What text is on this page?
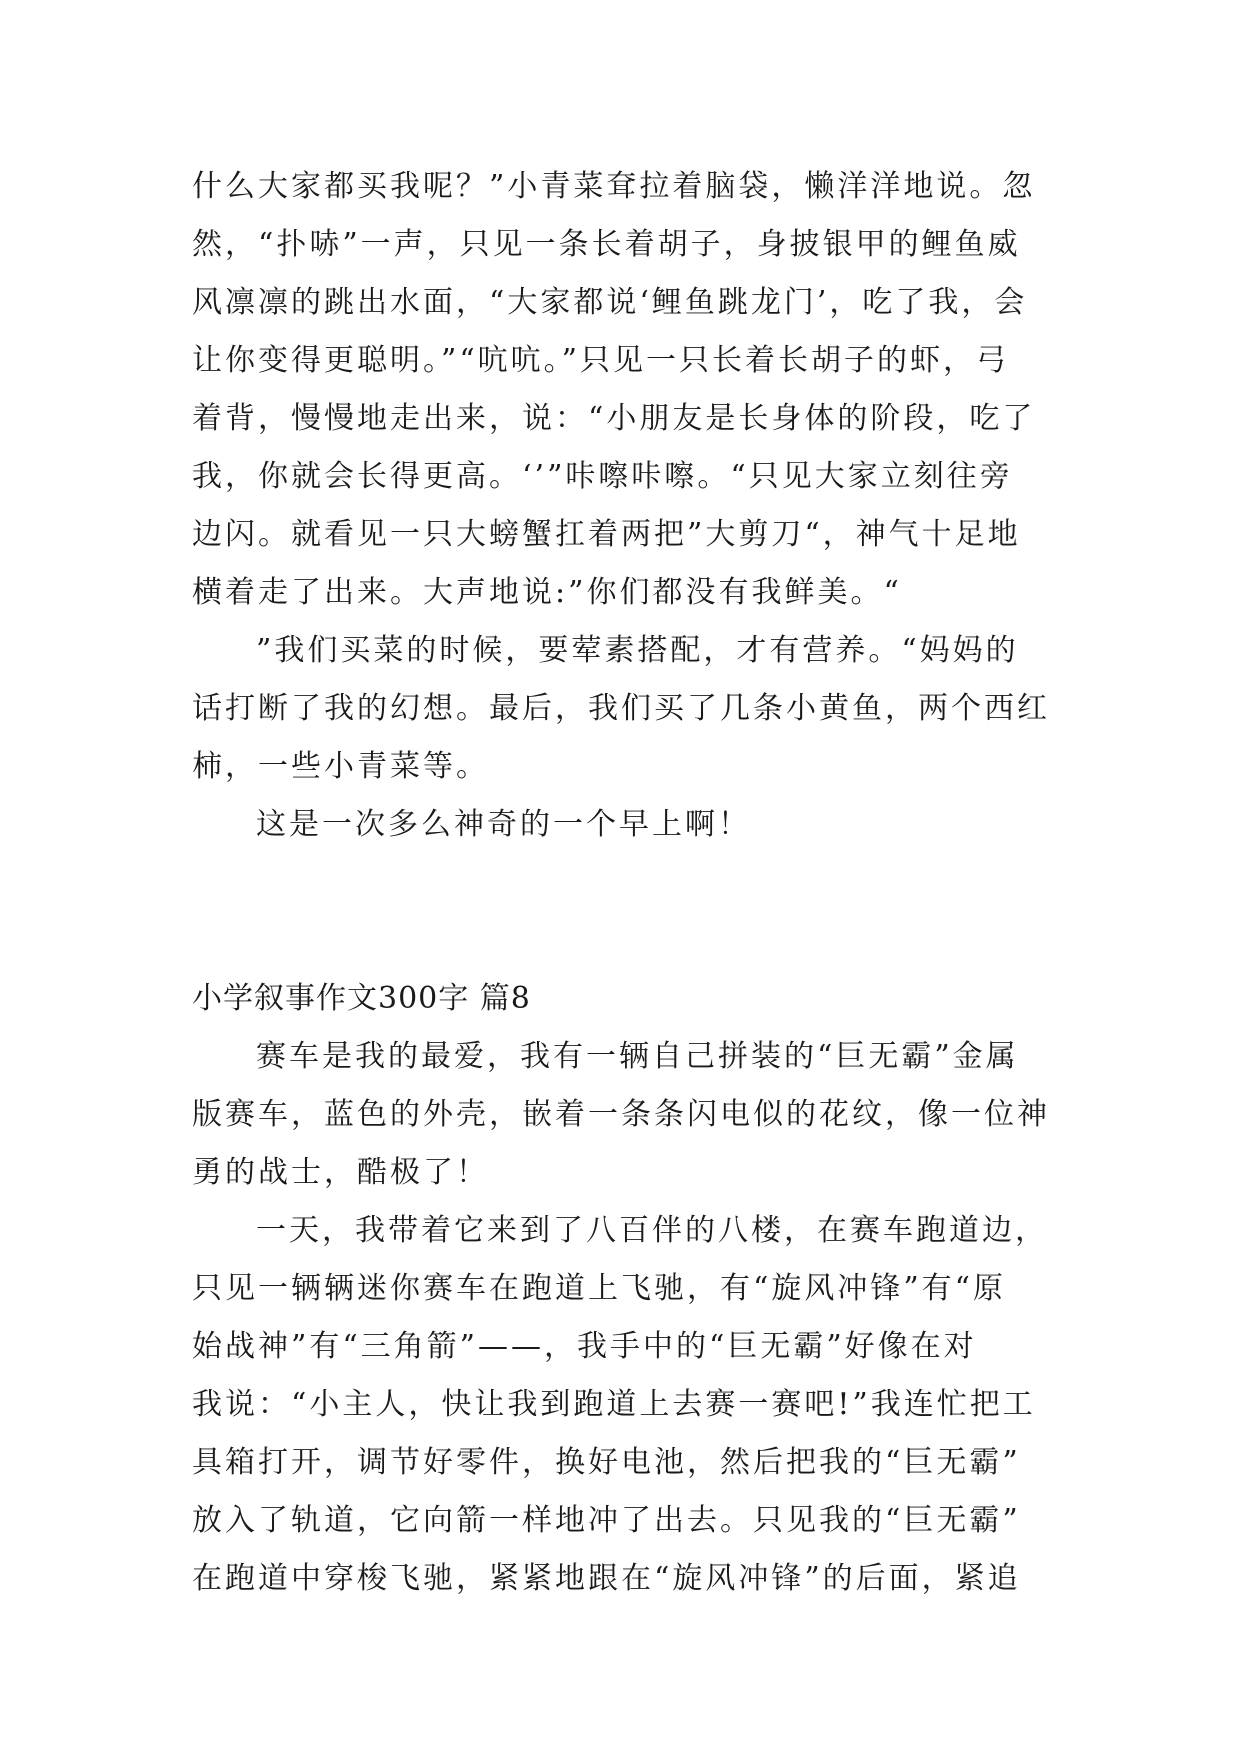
什么大家都买我呢？”小青菜耷拉着脑袋，懒洋洋地说。忽
然，“扑哧”一声，只见一条长着胡子，身披银甲的鲤鱼威
风凛凛的跳出水面，“大家都说‘鲤鱼跳龙门’，吃了我，会
让你变得更聪明。”“吭吭。”只见一只长着长胡子的虾，弓
着背，慢慢地走出来，说：“小朋友是长身体的阶段，吃了
我，你就会长得更高。‘’”咔嚓咔嚓。“只见大家立刻往旁
边闪。就看见一只大螃蟹扛着两把”大剪刀“，神气十足地
横着走了出来。大声地说:”你们都没有我鲜美。“
”我们买菜的时候，要荤素搭配，才有营养。“妈妈的
话打断了我的幻想。最后，我们买了几条小黄鱼，两个西红
柿，一些小青菜等。
这是一次多么神奇的一个早上啊！
小学叙事作文300字 篇8
赛车是我的最爱，我有一辆自己拼装的“巨无霸”金属
版赛车，蓝色的外壳，嵌着一条条闪电似的花纹，像一位神
勇的战士，酷极了！
一天，我带着它来到了八百伴的八楼，在赛车跑道边，
只见一辆辆迷你赛车在跑道上飞驰，有“旋风冲锋”有“原
始战神”有“三角箭”——，我手中的“巨无霸”好像在对
我说：“小主人，快让我到跑道上去赛一赛吧!”我连忙把工
具箱打开，调节好零件，换好电池，然后把我的“巨无霸”
放入了轨道，它向箭一样地冲了出去。只见我的“巨无霸”
在跑道中穿梭飞驰，紧紧地跟在“旋风冲锋”的后面，紧追
